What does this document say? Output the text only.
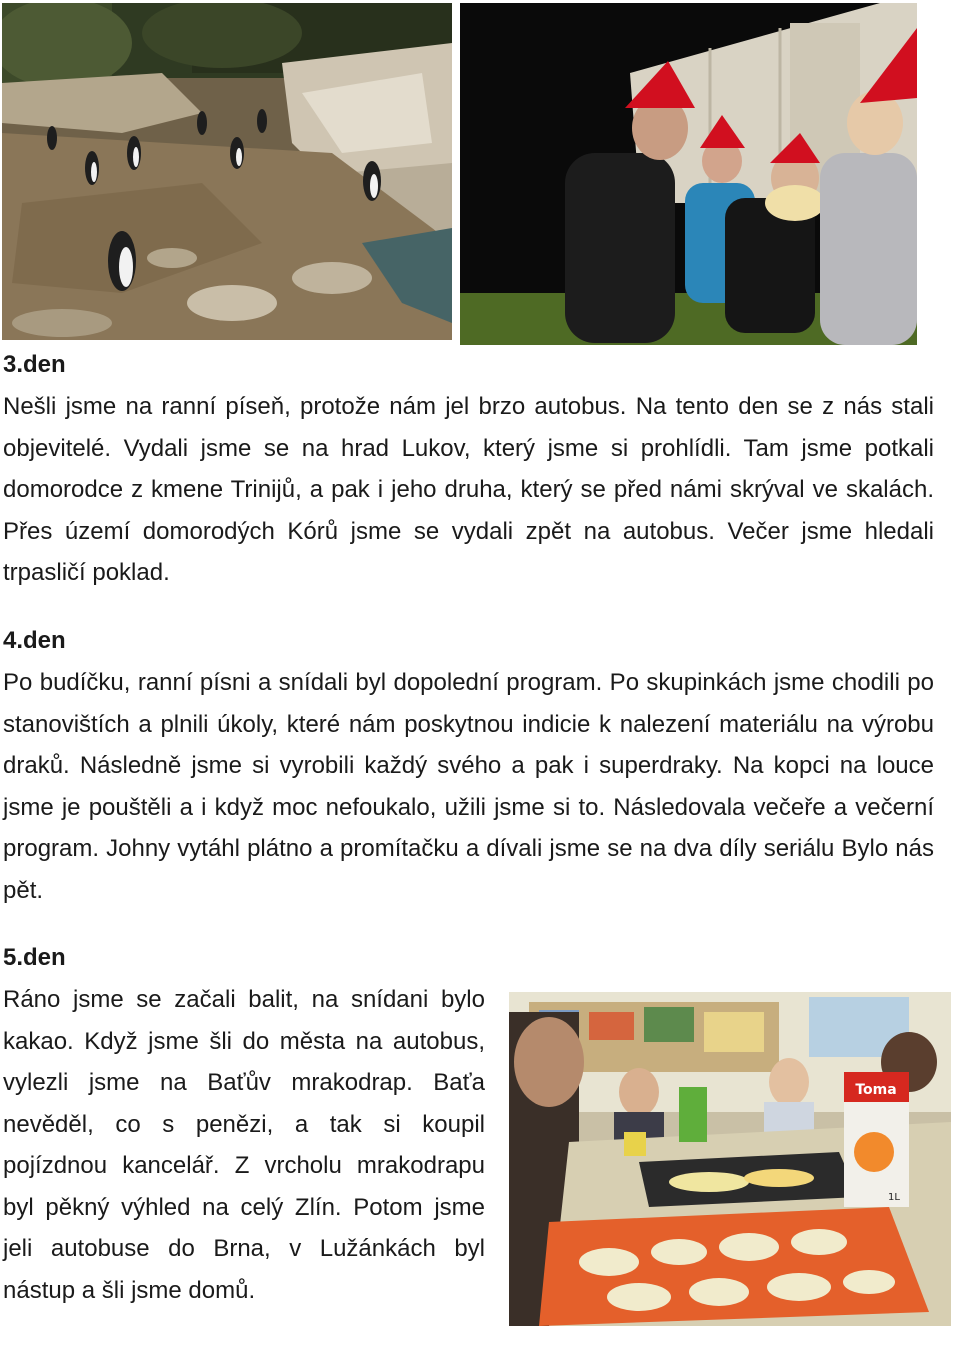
3.den

Nešli jsme na ranní píseň, protože nám jel brzo autobus. Na tento den se z nás stali objevitelé. Vydali jsme se na hrad Lukov, který jsme si prohlídli. Tam jsme potkali domorodce z kmene Trinijů, a pak i jeho druha, který se před námi skrýval ve skalách. Přes území domorodých Kórů jsme se vydali zpět na autobus. Večer jsme hledali trpasličí poklad.

4.den

Po budíčku, ranní písni a snídali byl dopolední program. Po skupinkách jsme chodili po stanovištích a plnili úkoly, které nám poskytnou indicie k nalezení materiálu na výrobu draků. Následně jsme si vyrobili každý svého a pak i superdraky. Na kopci na louce jsme je pouštěli a i když moc nefoukalo, užili jsme si to. Následovala večeře a večerní program. Johny vytáhl plátno a promítačku a dívali jsme se na dva díly seriálu Bylo nás pět.

5.den

Ráno jsme se začali balit, na snídani bylo kakao. Když jsme šli do města na autobus, vylezli jsme na Baťův mrakodrap. Baťa nevěděl, co s penězi, a tak si koupil pojízdnou kancelář. Z vrcholu mrakodrapu byl pěkný výhled na celý Zlín. Potom jsme jeli autobuse do Brna, v Lužánkách byl nástup a šli jsme domů.

Toma
1L
